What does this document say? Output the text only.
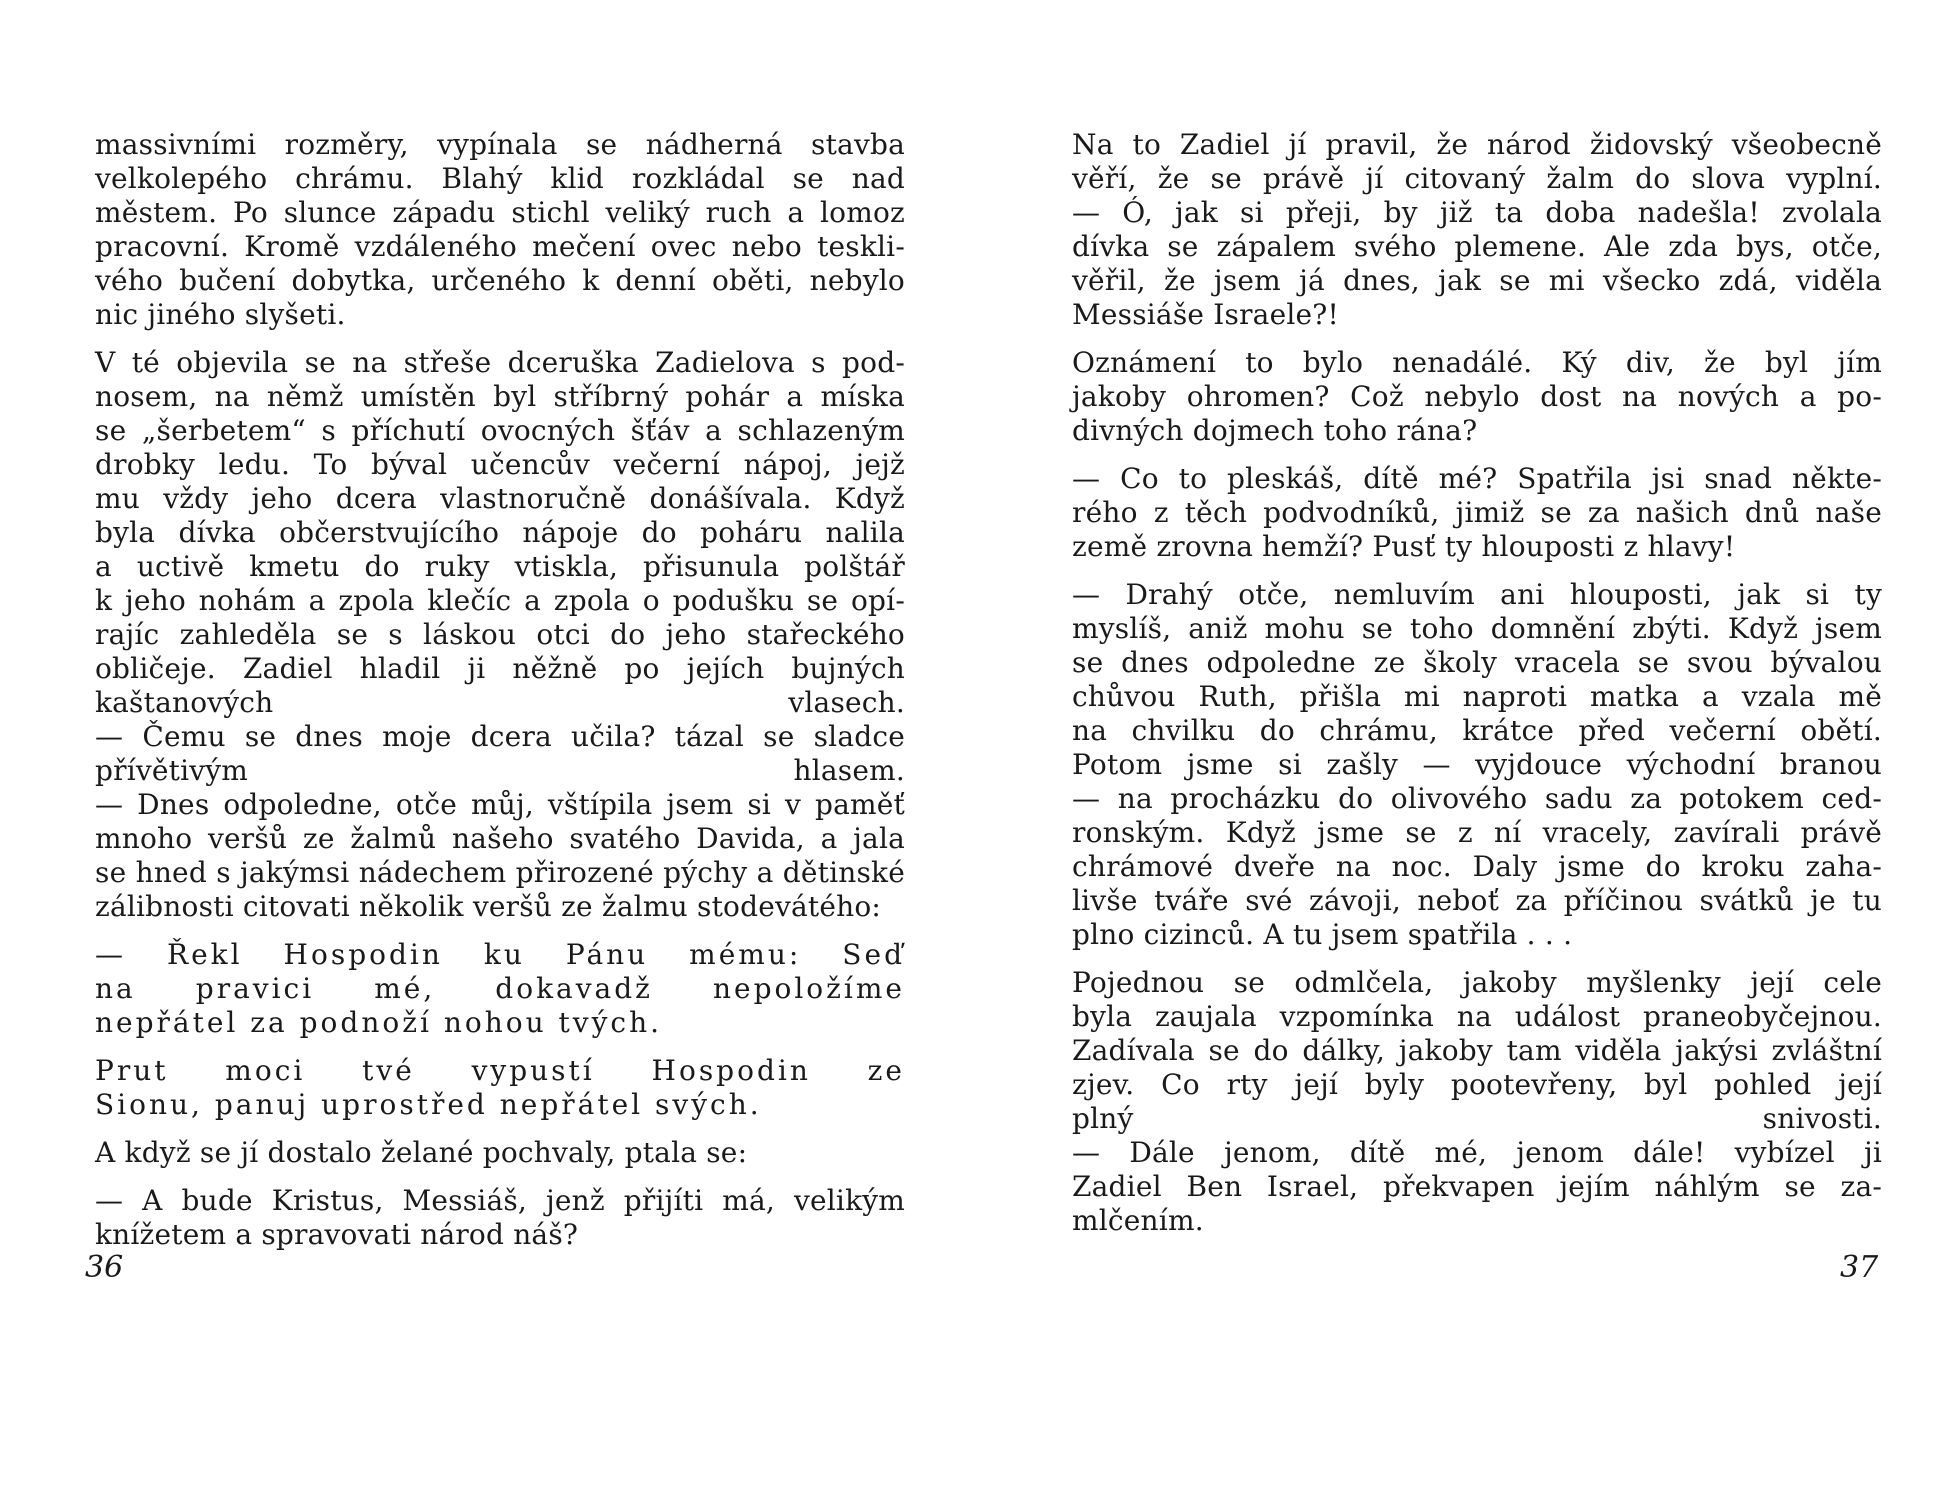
massivními rozměry, vypínala se nádherná stavba
velkolepého chrámu. Blahý klid rozkládal se nad
městem. Po slunce západu stichl veliký ruch a lomoz
pracovní. Kromě vzdáleného mečení ovec nebo teskli-
vého bučení dobytka, určeného k denní oběti, nebylo
nic jiného slyšeti.
V té objevila se na střeše dceruška Zadielova s pod-
nosem, na němž umístěn byl stříbrný pohár a míska
se „šerbetem“ s příchutí ovocných šťáv a schlazeným
drobky ledu. To býval učencův večerní nápoj, jejž
mu vždy jeho dcera vlastnoručně donášívala. Když
byla dívka občerstvujícího nápoje do poháru nalila
a uctivě kmetu do ruky vtiskla, přisunula polštář
k jeho nohám a zpola klečíc a zpola o podušku se opí-
rajíc zahleděla se s láskou otci do jeho stařeckého
obličeje. Zadiel hladil ji něžně po jejích bujných
kaštanových vlasech.
— Čemu se dnes moje dcera učila? tázal se sladce
přívětivým hlasem.
— Dnes odpoledne, otče můj, vštípila jsem si v paměť
mnoho veršů ze žalmů našeho svatého Davida, a jala
se hned s jakýmsi nádechem přirozené pýchy a dětinské
zálibnosti citovati několik veršů ze žalmu stodevátého:
— Řekl Hospodin ku Pánu mému: Seď
na pravici mé, dokavadž nepoložíme
nepřátel za podnoží nohou tvých.
Prut moci tvé vypustí Hospodin ze
Sionu, panuj uprostřed nepřátel svých.
A když se jí dostalo želané pochvaly, ptala se:
— A bude Kristus, Messiáš, jenž přijíti má, velikým
knížetem a spravovati národ náš?
36
Na to Zadiel jí pravil, že národ židovský všeobecně
věří, že se právě jí citovaný žalm do slova vyplní.
— Ó, jak si přeji, by již ta doba nadešla! zvolala
dívka se zápalem svého plemene. Ale zda bys, otče,
věřil, že jsem já dnes, jak se mi všecko zdá, viděla
Messiáše Israele?!
Oznámení to bylo nenadálé. Ký div, že byl jím
jakoby ohromen? Což nebylo dost na nových a po-
divných dojmech toho rána?
— Co to pleskáš, dítě mé? Spatřila jsi snad někte-
rého z těch podvodníků, jimiž se za našich dnů naše
země zrovna hemží? Pusť ty hlouposti z hlavy!
— Drahý otče, nemluvím ani hlouposti, jak si ty
myslíš, aniž mohu se toho domnění zbýti. Když jsem
se dnes odpoledne ze školy vracela se svou bývalou
chůvou Ruth, přišla mi naproti matka a vzala mě
na chvilku do chrámu, krátce před večerní obětí.
Potom jsme si zašly — vyjdouce východní branou
— na procházku do olivového sadu za potokem ced-
ronským. Když jsme se z ní vracely, zavírali právě
chrámové dveře na noc. Daly jsme do kroku zaha-
livše tváře své závoji, neboť za příčinou svátků je tu
plno cizinců. A tu jsem spatřila . . .
Pojednou se odmlčela, jakoby myšlenky její cele
byla zaujala vzpomínka na událost praneobyčejnou.
Zadívala se do dálky, jakoby tam viděla jakýsi zvláštní
zjev. Co rty její byly pootevřeny, byl pohled její
plný snivosti.
— Dále jenom, dítě mé, jenom dále! vybízel ji
Zadiel Ben Israel, překvapen jejím náhlým se za-
mlčením.
37
